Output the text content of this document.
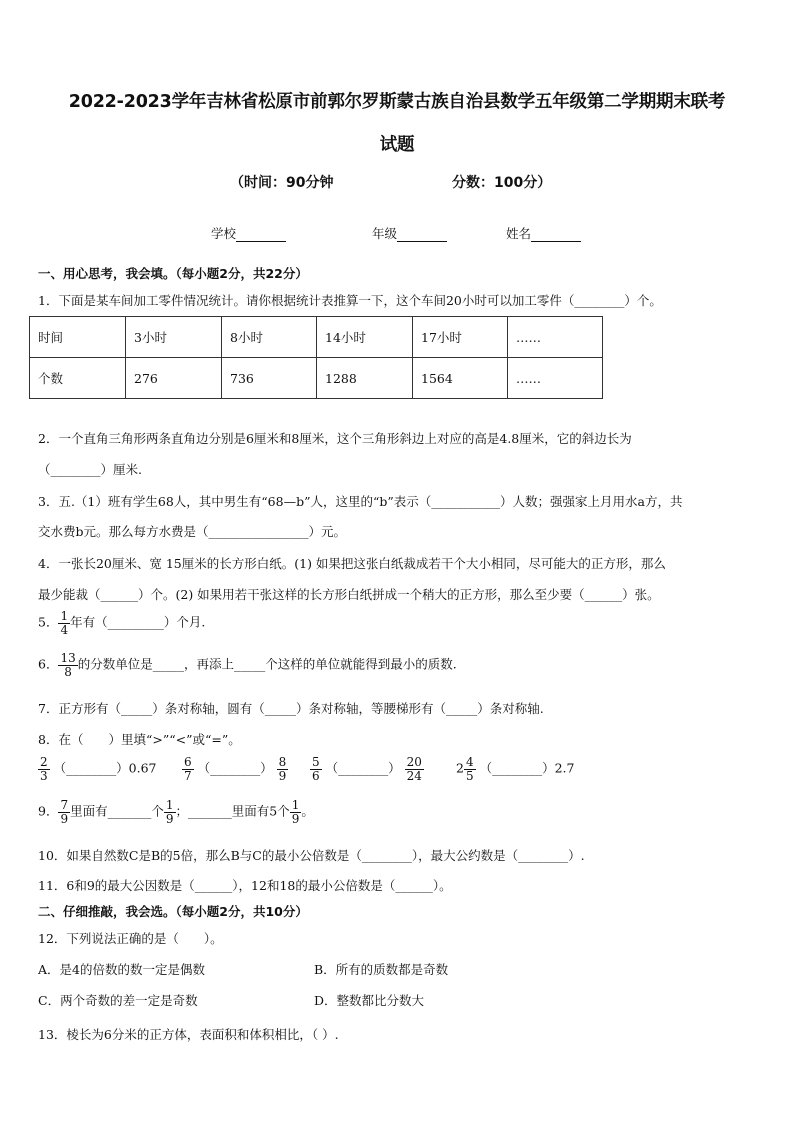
2022-2023学年吉林省松原市前郭尔罗斯蒙古族自治县数学五年级第二学期期末联考
试题
（时间：90分钟	分数：100分）
学校	年级	姓名
一、用心思考，我会填。（每小题2分，共22分）
1．下面是某车间加工零件情况统计。请你根据统计表推算一下，这个车间20小时可以加工零件（________）个。
时间	3小时	8小时	14小时	17小时	……
个数	276	736	1288	1564	……
2．一个直角三角形两条直角边分别是6厘米和8厘米，这个三角形斜边上对应的高是4.8厘米，它的斜边长为
（________）厘米.
3．五.（1）班有学生68人，其中男生有“68—b”人，这里的“b”表示（___________）人数；强强家上月用水a方，共
交水费b元。那么每方水费是（________________）元。
4．一张长20厘米、宽 15厘米的长方形白纸。(1) 如果把这张白纸裁成若干个大小相同，尽可能大的正方形，那么
最少能裁（______）个。(2) 如果用若干张这样的长方形白纸拼成一个稍大的正方形，那么至少要（______）张。
5． $\frac{1}{4}$ 年有（_________）个月.
6． $\frac{13}{8}$ 的分数单位是_____，再添上_____个这样的单位就能得到最小的质数.
7．正方形有（_____）条对称轴，圆有（_____）条对称轴，等腰梯形有（_____）条对称轴.
8．在（　　）里填“>”“<”或“=”。
$\frac{2}{3}$ （________）0.67 $\frac{6}{7}$ （________） $\frac{8}{9} \frac{5}{6}$ （________） $\frac{20}{24}$	$2 \frac{4}{5}$ （________）2.7
9． $\frac{7}{9}$ 里面有_______个 $\frac{1}{9}$ ；_______里面有5个 $\frac{1}{9}$ 。
10．如果自然数C是B的5倍，那么B与C的最小公倍数是（________），最大公约数是（________）.
11．6和9的最大公因数是（______），12和18的最小公倍数是（______）。
二、仔细推敲，我会选。（每小题2分，共10分）
12．下列说法正确的是（　　）。
A．是4的倍数的数一定是偶数	B．所有的质数都是奇数
C．两个奇数的差一定是奇数	D．整数都比分数大
13．棱长为6分米的正方体，表面积和体积相比，（ ）.
